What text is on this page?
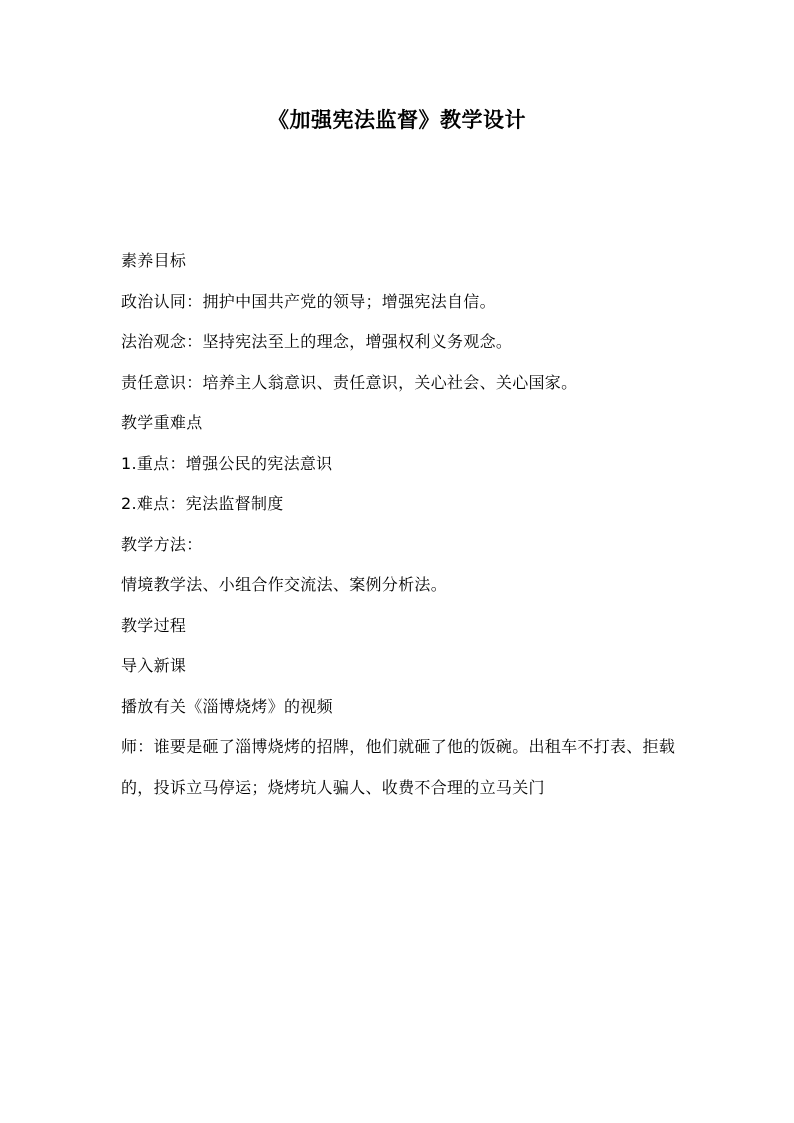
《加强宪法监督》教学设计
素养目标
政治认同：拥护中国共产党的领导；增强宪法自信。
法治观念：坚持宪法至上的理念，增强权利义务观念。
责任意识：培养主人翁意识、责任意识，关心社会、关心国家。
教学重难点
1.重点：增强公民的宪法意识
2.难点：宪法监督制度
教学方法：
情境教学法、小组合作交流法、案例分析法。
教学过程
导入新课
播放有关《淄博烧烤》的视频
师：谁要是砸了淄博烧烤的招牌，他们就砸了他的饭碗。出租车不打表、拒载的，投诉立马停运；烧烤坑人骗人、收费不合理的立马关门
